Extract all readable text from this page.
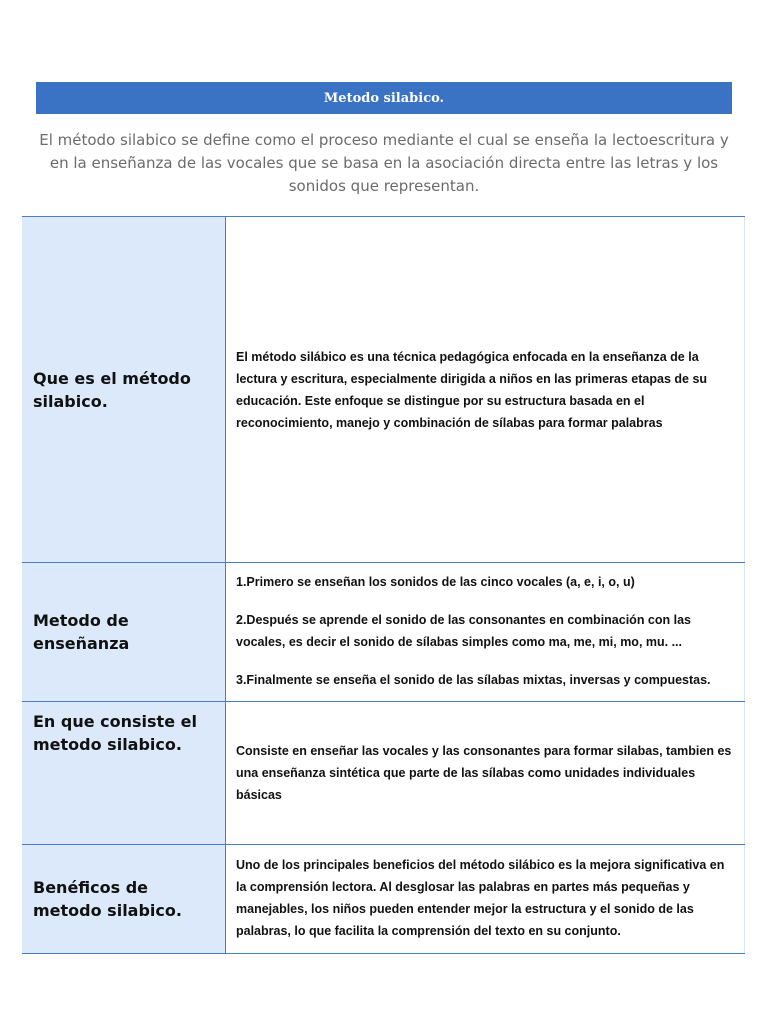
Metodo silabico.
El método silabico se define como el proceso mediante el cual se enseña la lectoescritura y en la enseñanza de las vocales que se basa en la asociación directa entre las letras y los sonidos que representan.
Que es el método silabico.

El método silábico es una técnica pedagógica enfocada en la enseñanza de la lectura y escritura, especialmente dirigida a niños en las primeras etapas de su educación. Este enfoque se distingue por su estructura basada en el reconocimiento, manejo y combinación de sílabas para formar palabras

Metodo de enseñanza

1.Primero se enseñan los sonidos de las cinco vocales (a, e, i, o, u)

2.Después se aprende el sonido de las consonantes en combinación con las vocales, es decir el sonido de sílabas simples como ma, me, mi, mo, mu. ...

3.Finalmente se enseña el sonido de las sílabas mixtas, inversas y compuestas.

En que consiste el metodo silabico.	Consiste en enseñar las vocales y las consonantes para formar silabas, tambien es una enseñanza sintética que parte de las sílabas como unidades individuales básicas

Benéficos de metodo silabico.

Uno de los principales beneficios del método silábico es la mejora significativa en la comprensión lectora. Al desglosar las palabras en partes más pequeñas y manejables, los niños pueden entender mejor la estructura y el sonido de las palabras, lo que facilita la comprensión del texto en su conjunto.
